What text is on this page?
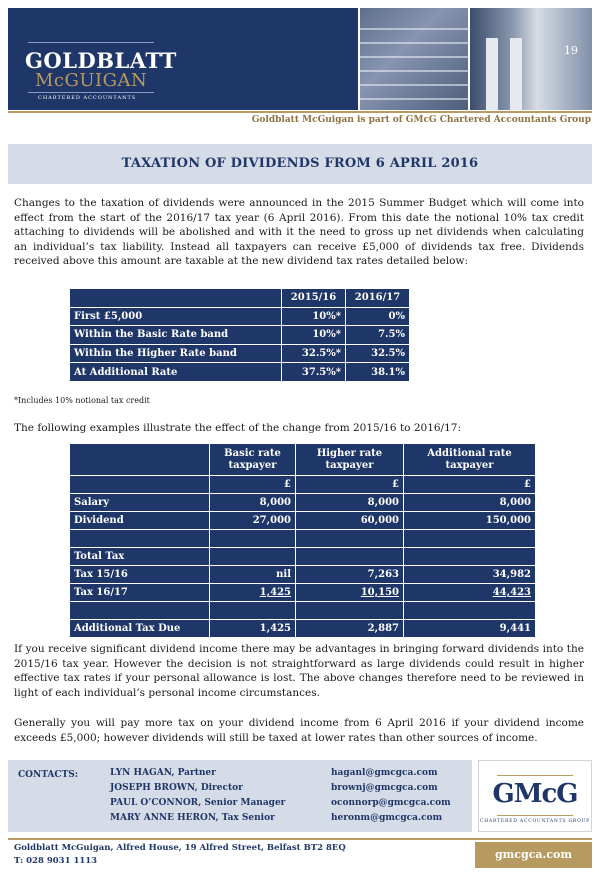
GOLDBLATT
McGUIGAN
CHARTERED ACCOUNTANTS
19
Goldblatt McGuigan is part of GMcG Chartered Accountants Group
TAXATION OF DIVIDENDS FROM 6 APRIL 2016
Changes to the taxation of dividends were announced in the 2015 Summer Budget which will come into effect from the start of the 2016/17 tax year (6 April 2016). From this date the notional 10% tax credit attaching to dividends will be abolished and with it the need to gross up net dividends when calculating an individual’s tax liability. Instead all taxpayers can receive £5,000 of dividends tax free. Dividends received above this amount are taxable at the new dividend tax rates detailed below:
	2015/16	2016/17
First £5,000	10%*	0%
Within the Basic Rate band	10%*	7.5%
Within the Higher Rate band	32.5%*	32.5%
At Additional Rate	37.5%*	38.1%
*Includes 10% notional tax credit
The following examples illustrate the effect of the change from 2015/16 to 2016/17:
	Basic rate taxpayer	Higher rate taxpayer	Additional rate taxpayer
	£	£	£
Salary	8,000	8,000	8,000
Dividend	27,000	60,000	150,000

Total Tax			
Tax 15/16	nil	7,263	34,982
Tax 16/17	1,425	10,150	44,423

Additional Tax Due	1,425	2,887	9,441
If you receive significant dividend income there may be advantages in bringing forward dividends into the 2015/16 tax year. However the decision is not straightforward as large dividends could result in higher effective tax rates if your personal allowance is lost. The above changes therefore need to be reviewed in light of each individual’s personal income circumstances.
Generally you will pay more tax on your dividend income from 6 April 2016 if your dividend income exceeds £5,000; however dividends will still be taxed at lower rates than other sources of income.
CONTACTS:	LYN HAGAN, Partner	haganl@gmcgca.com
JOSEPH BROWN, Director	brownj@gmcgca.com
PAUL O’CONNOR, Senior Manager	oconnorp@gmcgca.com
MARY ANNE HERON, Tax Senior	heronm@gmcgca.com
GMcG
CHARTERED ACCOUNTANTS GROUP
Goldblatt McGuigan, Alfred House, 19 Alfred Street, Belfast BT2 8EQ
T: 028 9031 1113	gmcgca.com
